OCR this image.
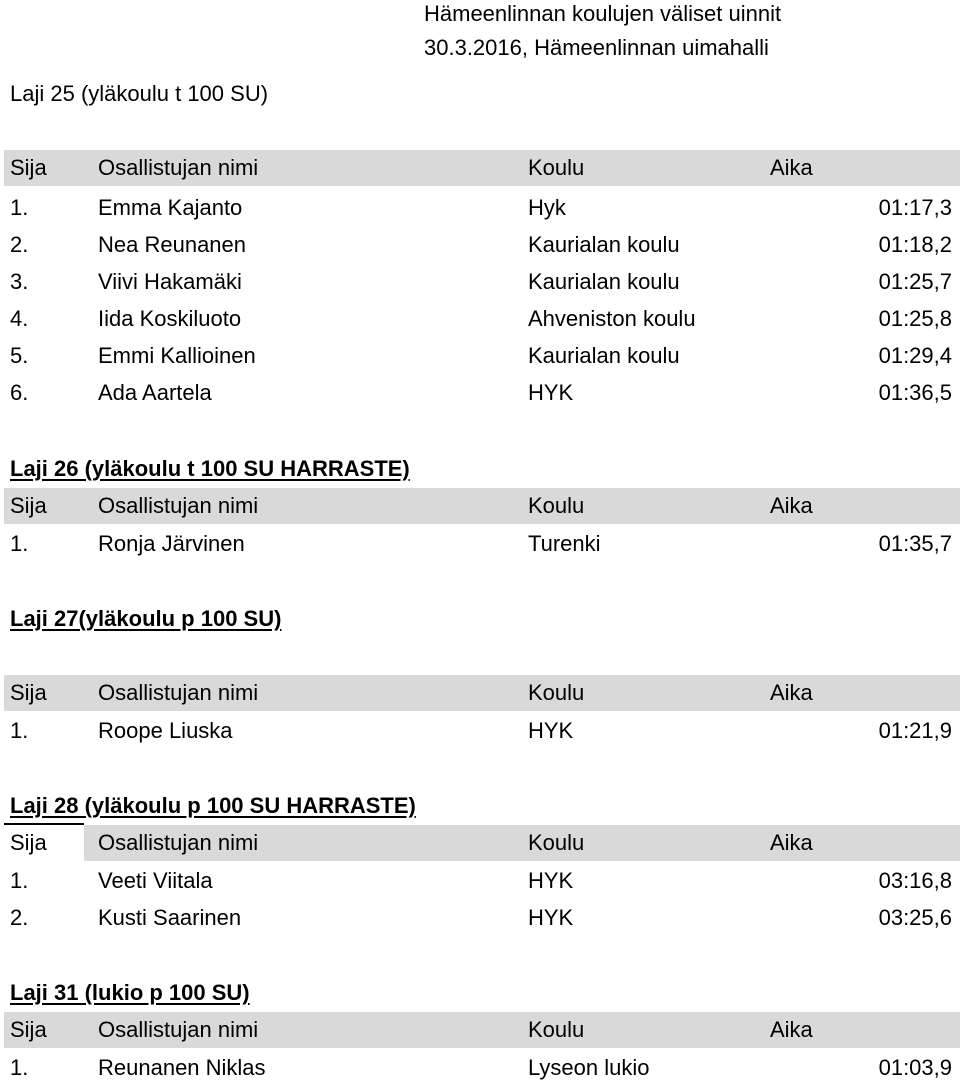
Hämeenlinnan koulujen väliset uinnit
30.3.2016, Hämeenlinnan uimahalli
Laji 25 (yläkoulu t 100 SU)
Sija Osallistujan nimi	Koulu	Aika
1.	Emma Kajanto	Hyk	01:17,3
2.	Nea Reunanen	Kaurialan koulu	01:18,2
3.	Viivi Hakamäki	Kaurialan koulu	01:25,7
4.	Iida Koskiluoto	Ahveniston koulu	01:25,8
5.	Emmi Kallioinen	Kaurialan koulu	01:29,4
6.	Ada Aartela	HYK	01:36,5
Laji 26 (yläkoulu t 100 SU HARRASTE)
Sija Osallistujan nimi	Koulu	Aika
1.	Ronja Järvinen	Turenki	01:35,7
Laji 27(yläkoulu p 100 SU)
Sija Osallistujan nimi	Koulu	Aika
1.	Roope Liuska	HYK	01:21,9
Laji 28 (yläkoulu p 100 SU HARRASTE)
Sija Osallistujan nimi	Koulu	Aika
1.	Veeti Viitala	HYK	03:16,8
2.	Kusti Saarinen	HYK	03:25,6
Laji 31 (lukio p 100 SU)
Sija Osallistujan nimi	Koulu	Aika
1.	Reunanen Niklas	Lyseon lukio	01:03,9
